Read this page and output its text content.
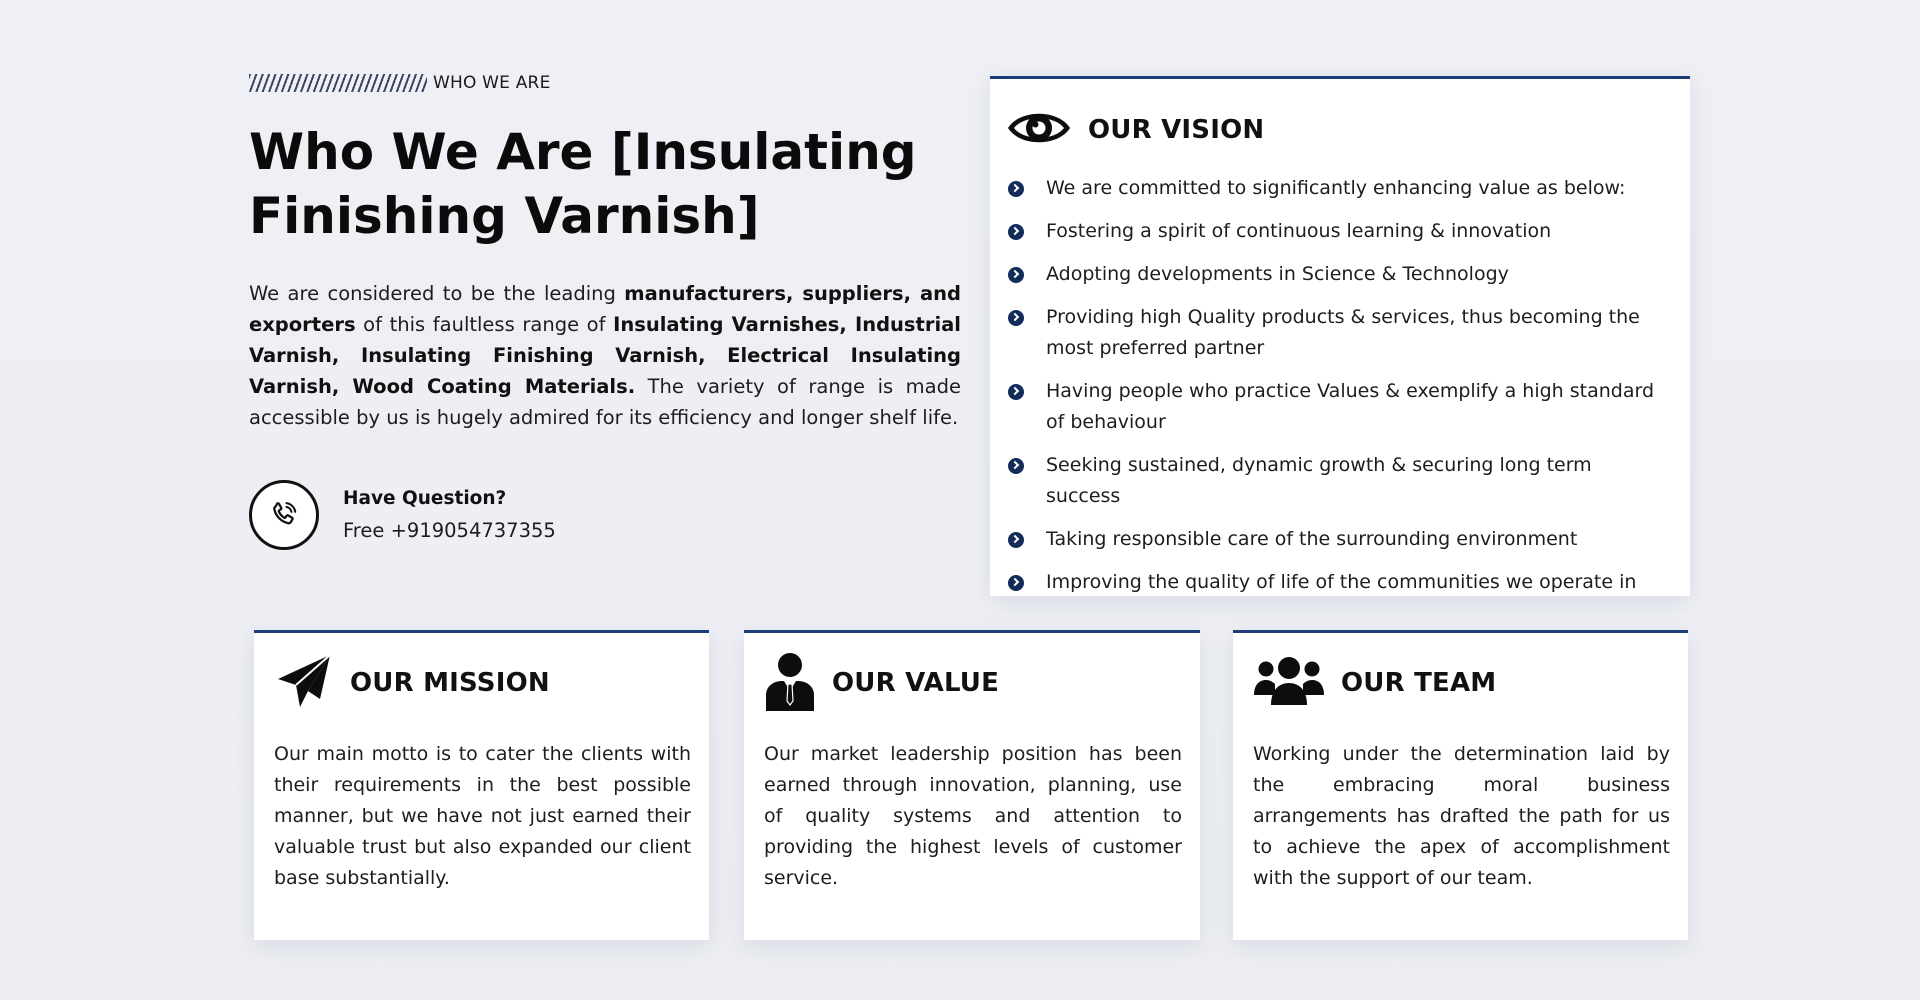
WHO WE ARE
Who We Are [Insulating
Finishing Varnish]
We are considered to be the leading manufacturers, suppliers, and exporters of this faultless range of Insulating Varnishes, Industrial Varnish, Insulating Finishing Varnish, Electrical Insulating Varnish, Wood Coating Materials. The variety of range is made accessible by us is hugely admired for its efficiency and longer shelf life.
Have Question?
Free +919054737355
OUR VISION
We are committed to significantly enhancing value as below:
Fostering a spirit of continuous learning & innovation
Adopting developments in Science & Technology
Providing high Quality products & services, thus becoming the most preferred partner
Having people who practice Values & exemplify a high standard of behaviour
Seeking sustained, dynamic growth & securing long term success
Taking responsible care of the surrounding environment
Improving the quality of life of the communities we operate in
OUR MISSION

Our main motto is to cater the clients with their requirements in the best possible manner, but we have not just earned their valuable trust but also expanded our client base substantially.

OUR VALUE

Our market leadership position has been earned through innovation, planning, use of quality systems and attention to providing the highest levels of customer service.

OUR TEAM

Working under the determination laid by the embracing moral business arrangements has drafted the path for us to achieve the apex of accomplishment with the support of our team.
